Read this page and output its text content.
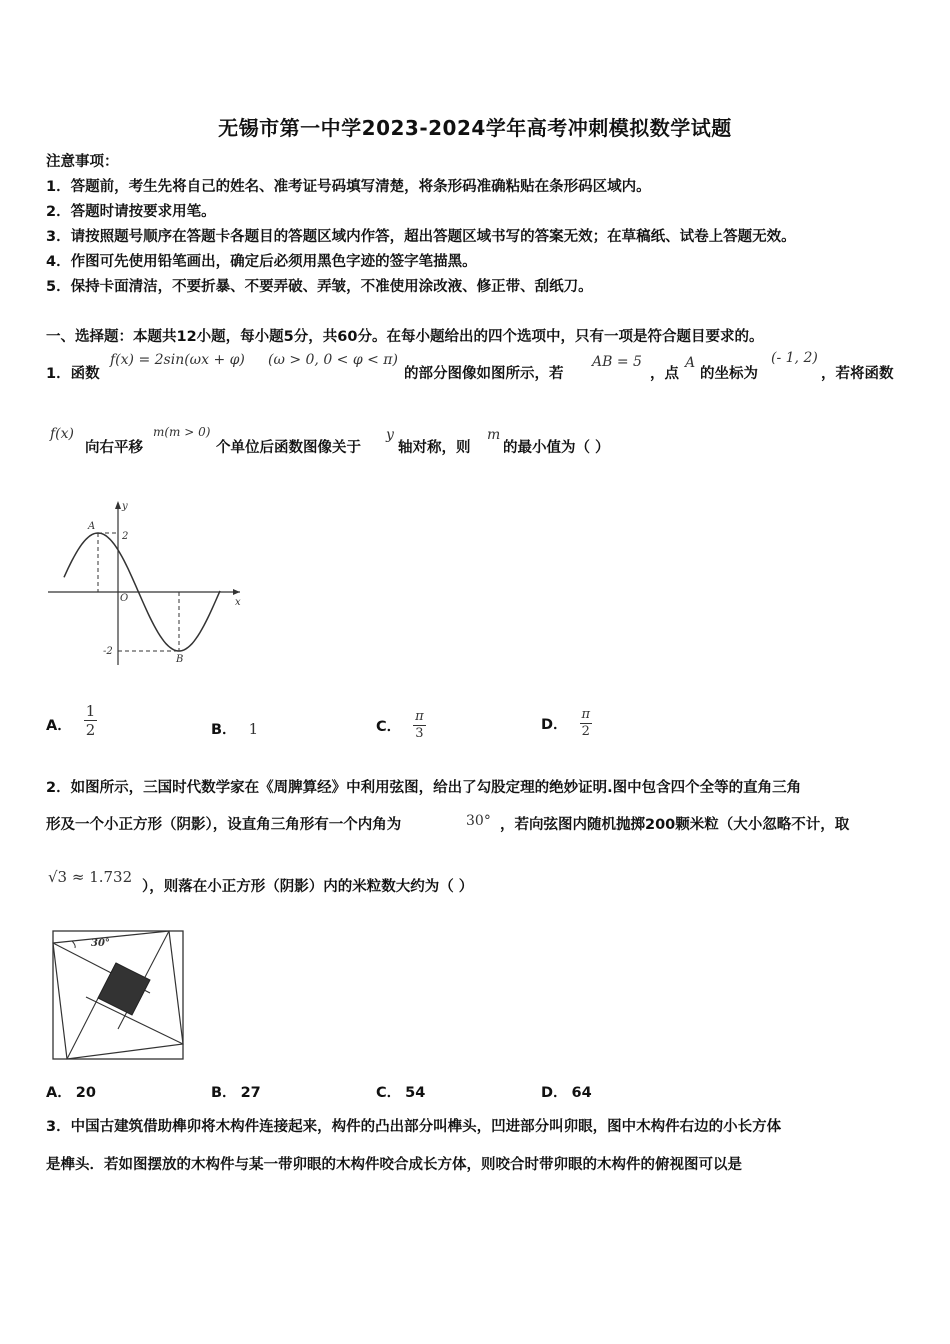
无锡市第一中学2023-2024学年高考冲刺模拟数学试题
注意事项：
1．答题前，考生先将自己的姓名、准考证号码填写清楚，将条形码准确粘贴在条形码区域内。
2．答题时请按要求用笔。
3．请按照题号顺序在答题卡各题目的答题区域内作答，超出答题区域书写的答案无效；在草稿纸、试卷上答题无效。
4．作图可先使用铅笔画出，确定后必须用黑色字迹的签字笔描黑。
5．保持卡面清洁，不要折暴、不要弄破、弄皱，不准使用涂改液、修正带、刮纸刀。
一、选择题：本题共12小题，每小题5分，共60分。在每小题给出的四个选项中，只有一项是符合题目要求的。
1．函数
f(x) = 2sin(ωx + φ) (ω > 0, 0 < φ < π)
的部分图像如图所示，若
AB = 5
，点
A
的坐标为
(- 1, 2)
，若将函数
f(x)
向右平移
m(m > 0)
个单位后函数图像关于
y
轴对称，则
m
的最小值为（ ）
A
2
O	x
y
-2
B
A． $\frac{1}{2}$	B． 1	C． $\frac{\pi}{3}$	D． $\frac{\pi}{2}$
2．如图所示，三国时代数学家在《周脾算经》中利用弦图，给出了勾股定理的绝妙证明.图中包含四个全等的直角三角
形及一个小正方形（阴影），设直角三角形有一个内角为	30° ，若向弦图内随机抛掷200颗米粒（大小忽略不计，取
√3 ≈ 1.732
），则落在小正方形（阴影）内的米粒数大约为（ ）
30°
A． 20	B． 27	C． 54	D． 64
3．中国古建筑借助榫卯将木构件连接起来，构件的凸出部分叫榫头，凹进部分叫卯眼，图中木构件右边的小长方体
是榫头．若如图摆放的木构件与某一带卯眼的木构件咬合成长方体，则咬合时带卯眼的木构件的俯视图可以是
